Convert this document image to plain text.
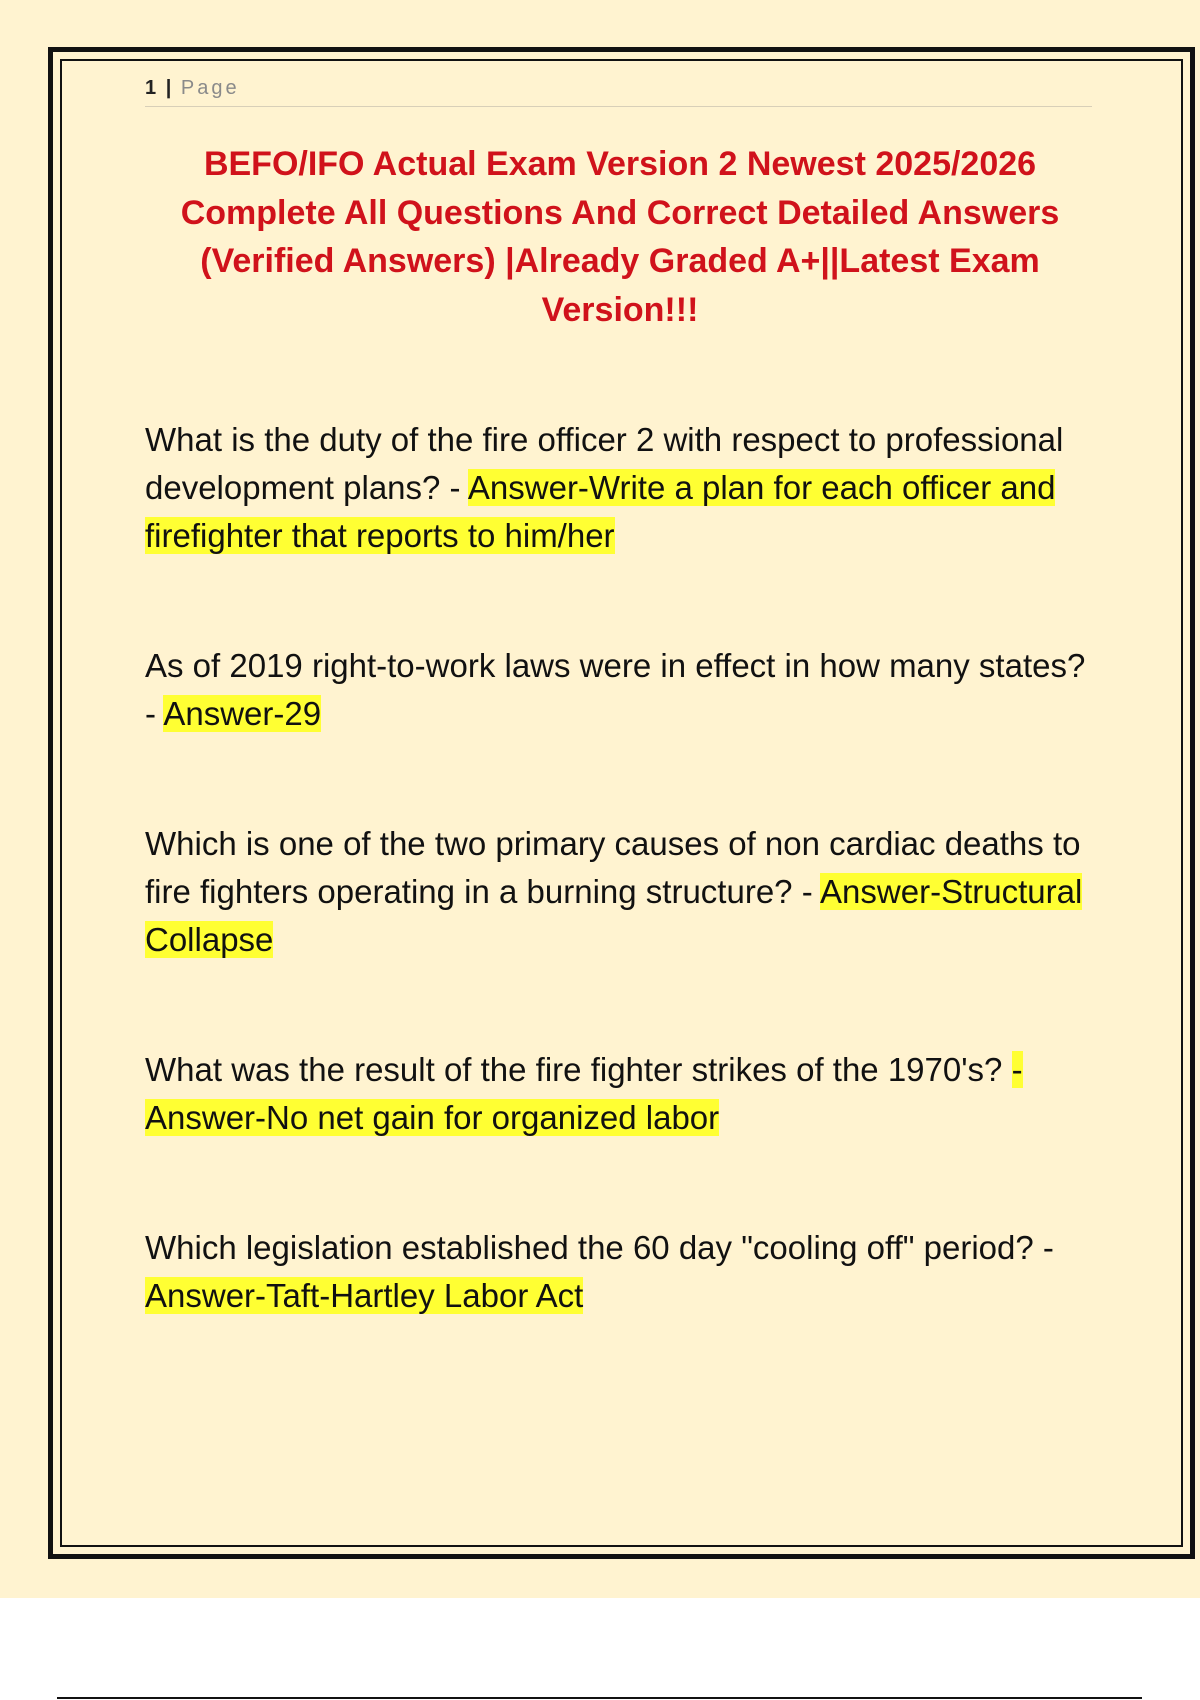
1 | Page
BEFO/IFO Actual Exam Version 2 Newest 2025/2026 Complete All Questions And Correct Detailed Answers (Verified Answers) |Already Graded A+||Latest Exam Version!!!
What is the duty of the fire officer 2 with respect to professional development plans? - Answer-Write a plan for each officer and firefighter that reports to him/her
As of 2019 right-to-work laws were in effect in how many states? - Answer-29
Which is one of the two primary causes of non cardiac deaths to fire fighters operating in a burning structure? - Answer-Structural Collapse
What was the result of the fire fighter strikes of the 1970's? - Answer-No net gain for organized labor
Which legislation established the 60 day "cooling off" period? - Answer-Taft-Hartley Labor Act
